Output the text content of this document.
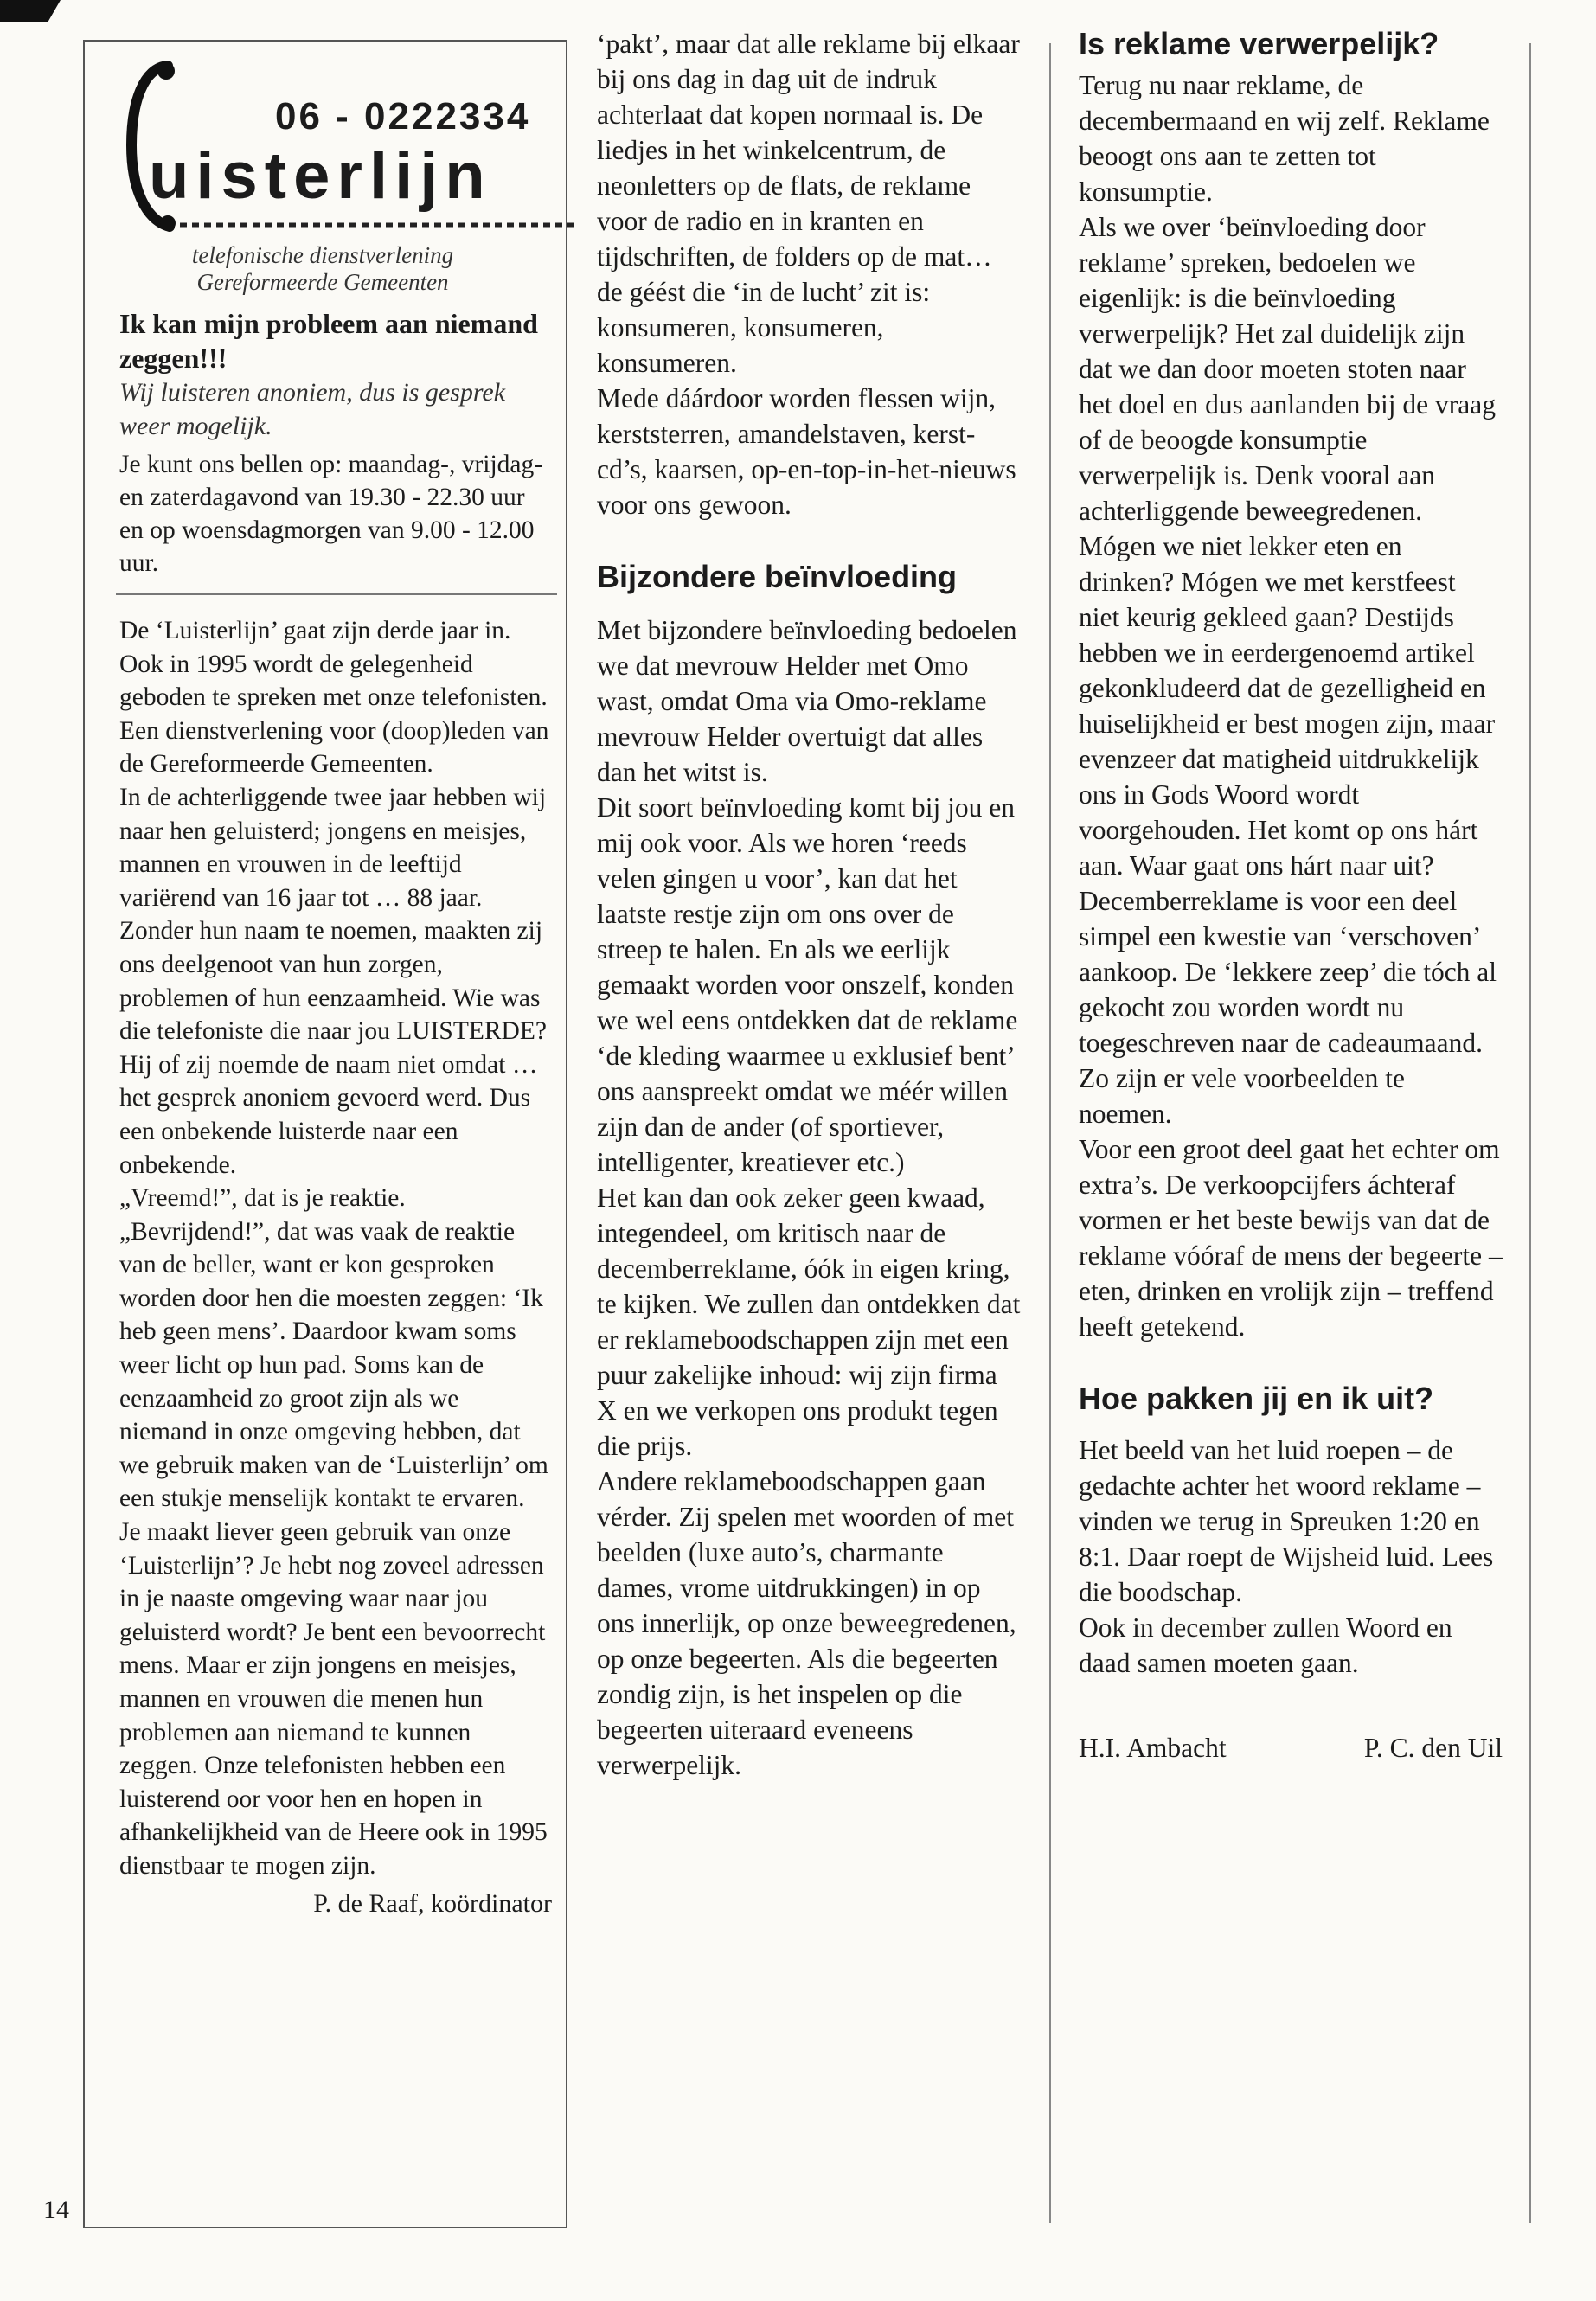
06 - 0222334
uisterlijn
telefonische dienstverlening
Gereformeerde Gemeenten

Ik kan mijn probleem aan niemand zeggen!!!

Wij luisteren anoniem, dus is gesprek weer mogelijk.

Je kunt ons bellen op: maandag-, vrijdag- en zaterdagavond van 19.30 - 22.30 uur en op woensdagmorgen van 9.00 - 12.00 uur.

De ‘Luisterlijn’ gaat zijn derde jaar in. Ook in 1995 wordt de gelegenheid geboden te spreken met onze telefonisten. Een dienstverlening voor (doop)leden van de Gereformeerde Gemeenten.
In de achterliggende twee jaar hebben wij naar hen geluisterd; jongens en meisjes, mannen en vrouwen in de leeftijd variërend van 16 jaar tot … 88 jaar. Zonder hun naam te noemen, maakten zij ons deelgenoot van hun zorgen, problemen of hun eenzaamheid. Wie was die telefoniste die naar jou LUISTERDE? Hij of zij noemde de naam niet omdat … het gesprek anoniem gevoerd werd. Dus een onbekende luisterde naar een onbekende.
„Vreemd!”, dat is je reaktie. „Bevrijdend!”, dat was vaak de reaktie van de beller, want er kon gesproken worden door hen die moesten zeggen: ‘Ik heb geen mens’. Daardoor kwam soms weer licht op hun pad. Soms kan de eenzaamheid zo groot zijn als we niemand in onze omgeving hebben, dat we gebruik maken van de ‘Luisterlijn’ om een stukje menselijk kontakt te ervaren.
Je maakt liever geen gebruik van onze ‘Luisterlijn’? Je hebt nog zoveel adressen in je naaste omgeving waar naar jou geluisterd wordt? Je bent een bevoorrecht mens. Maar er zijn jongens en meisjes, mannen en vrouwen die menen hun problemen aan niemand te kunnen zeggen. Onze telefonisten hebben een luisterend oor voor hen en hopen in afhankelijkheid van de Heere ook in 1995 dienstbaar te mogen zijn.

P. de Raaf, koördinator

14

‘pakt’, maar dat alle reklame bij elkaar bij ons dag in dag uit de indruk achterlaat dat kopen normaal is. De liedjes in het winkelcentrum, de neonletters op de flats, de reklame voor de radio en in kranten en tijdschriften, de folders op de mat… de géést die ‘in de lucht’ zit is: konsumeren, konsumeren, konsumeren.
Mede dáárdoor worden flessen wijn, kerststerren, amandelstaven, kerst-cd’s, kaarsen, op-en-top-in-het-nieuws voor ons gewoon.

Bijzondere beïnvloeding

Met bijzondere beïnvloeding bedoelen we dat mevrouw Helder met Omo wast, omdat Oma via Omo-reklame mevrouw Helder overtuigt dat alles dan het witst is.
Dit soort beïnvloeding komt bij jou en mij ook voor. Als we horen ‘reeds velen gingen u voor’, kan dat het laatste restje zijn om ons over de streep te halen. En als we eerlijk gemaakt worden voor onszelf, konden we wel eens ontdekken dat de reklame ‘de kleding waarmee u exklusief bent’ ons aanspreekt omdat we méér willen zijn dan de ander (of sportiever, intelligenter, kreatiever etc.)
Het kan dan ook zeker geen kwaad, integendeel, om kritisch naar de decemberreklame, óók in eigen kring, te kijken. We zullen dan ontdekken dat er reklameboodschappen zijn met een puur zakelijke inhoud: wij zijn firma X en we verkopen ons produkt tegen die prijs.
Andere reklameboodschappen gaan vérder. Zij spelen met woorden of met beelden (luxe auto’s, charmante dames, vrome uitdrukkingen) in op ons innerlijk, op onze beweegredenen, op onze begeerten. Als die begeerten zondig zijn, is het inspelen op die begeerten uiteraard eveneens verwerpelijk.

Is reklame verwerpelijk?

Terug nu naar reklame, de decembermaand en wij zelf. Reklame beoogt ons aan te zetten tot konsumptie.
Als we over ‘beïnvloeding door reklame’ spreken, bedoelen we eigenlijk: is die beïnvloeding verwerpelijk? Het zal duidelijk zijn dat we dan door moeten stoten naar het doel en dus aanlanden bij de vraag of de beoogde konsumptie verwerpelijk is. Denk vooral aan achterliggende beweegredenen.
Mógen we niet lekker eten en drinken? Mógen we met kerstfeest niet keurig gekleed gaan? Destijds hebben we in eerdergenoemd artikel gekonkludeerd dat de gezelligheid en huiselijkheid er best mogen zijn, maar evenzeer dat matigheid uitdrukkelijk ons in Gods Woord wordt voorgehouden. Het komt op ons hárt aan. Waar gaat ons hárt naar uit?
Decemberreklame is voor een deel simpel een kwestie van ‘verschoven’ aankoop. De ‘lekkere zeep’ die tóch al gekocht zou worden wordt nu toegeschreven naar de cadeaumaand. Zo zijn er vele voorbeelden te noemen.
Voor een groot deel gaat het echter om extra’s. De verkoopcijfers áchteraf vormen er het beste bewijs van dat de reklame vóóraf de mens der begeerte – eten, drinken en vrolijk zijn – treffend heeft getekend.

Hoe pakken jij en ik uit?

Het beeld van het luid roepen – de gedachte achter het woord reklame – vinden we terug in Spreuken 1:20 en 8:1. Daar roept de Wijsheid luid. Lees die boodschap.
Ook in december zullen Woord en daad samen moeten gaan.

H.I. Ambacht	P. C. den Uil
